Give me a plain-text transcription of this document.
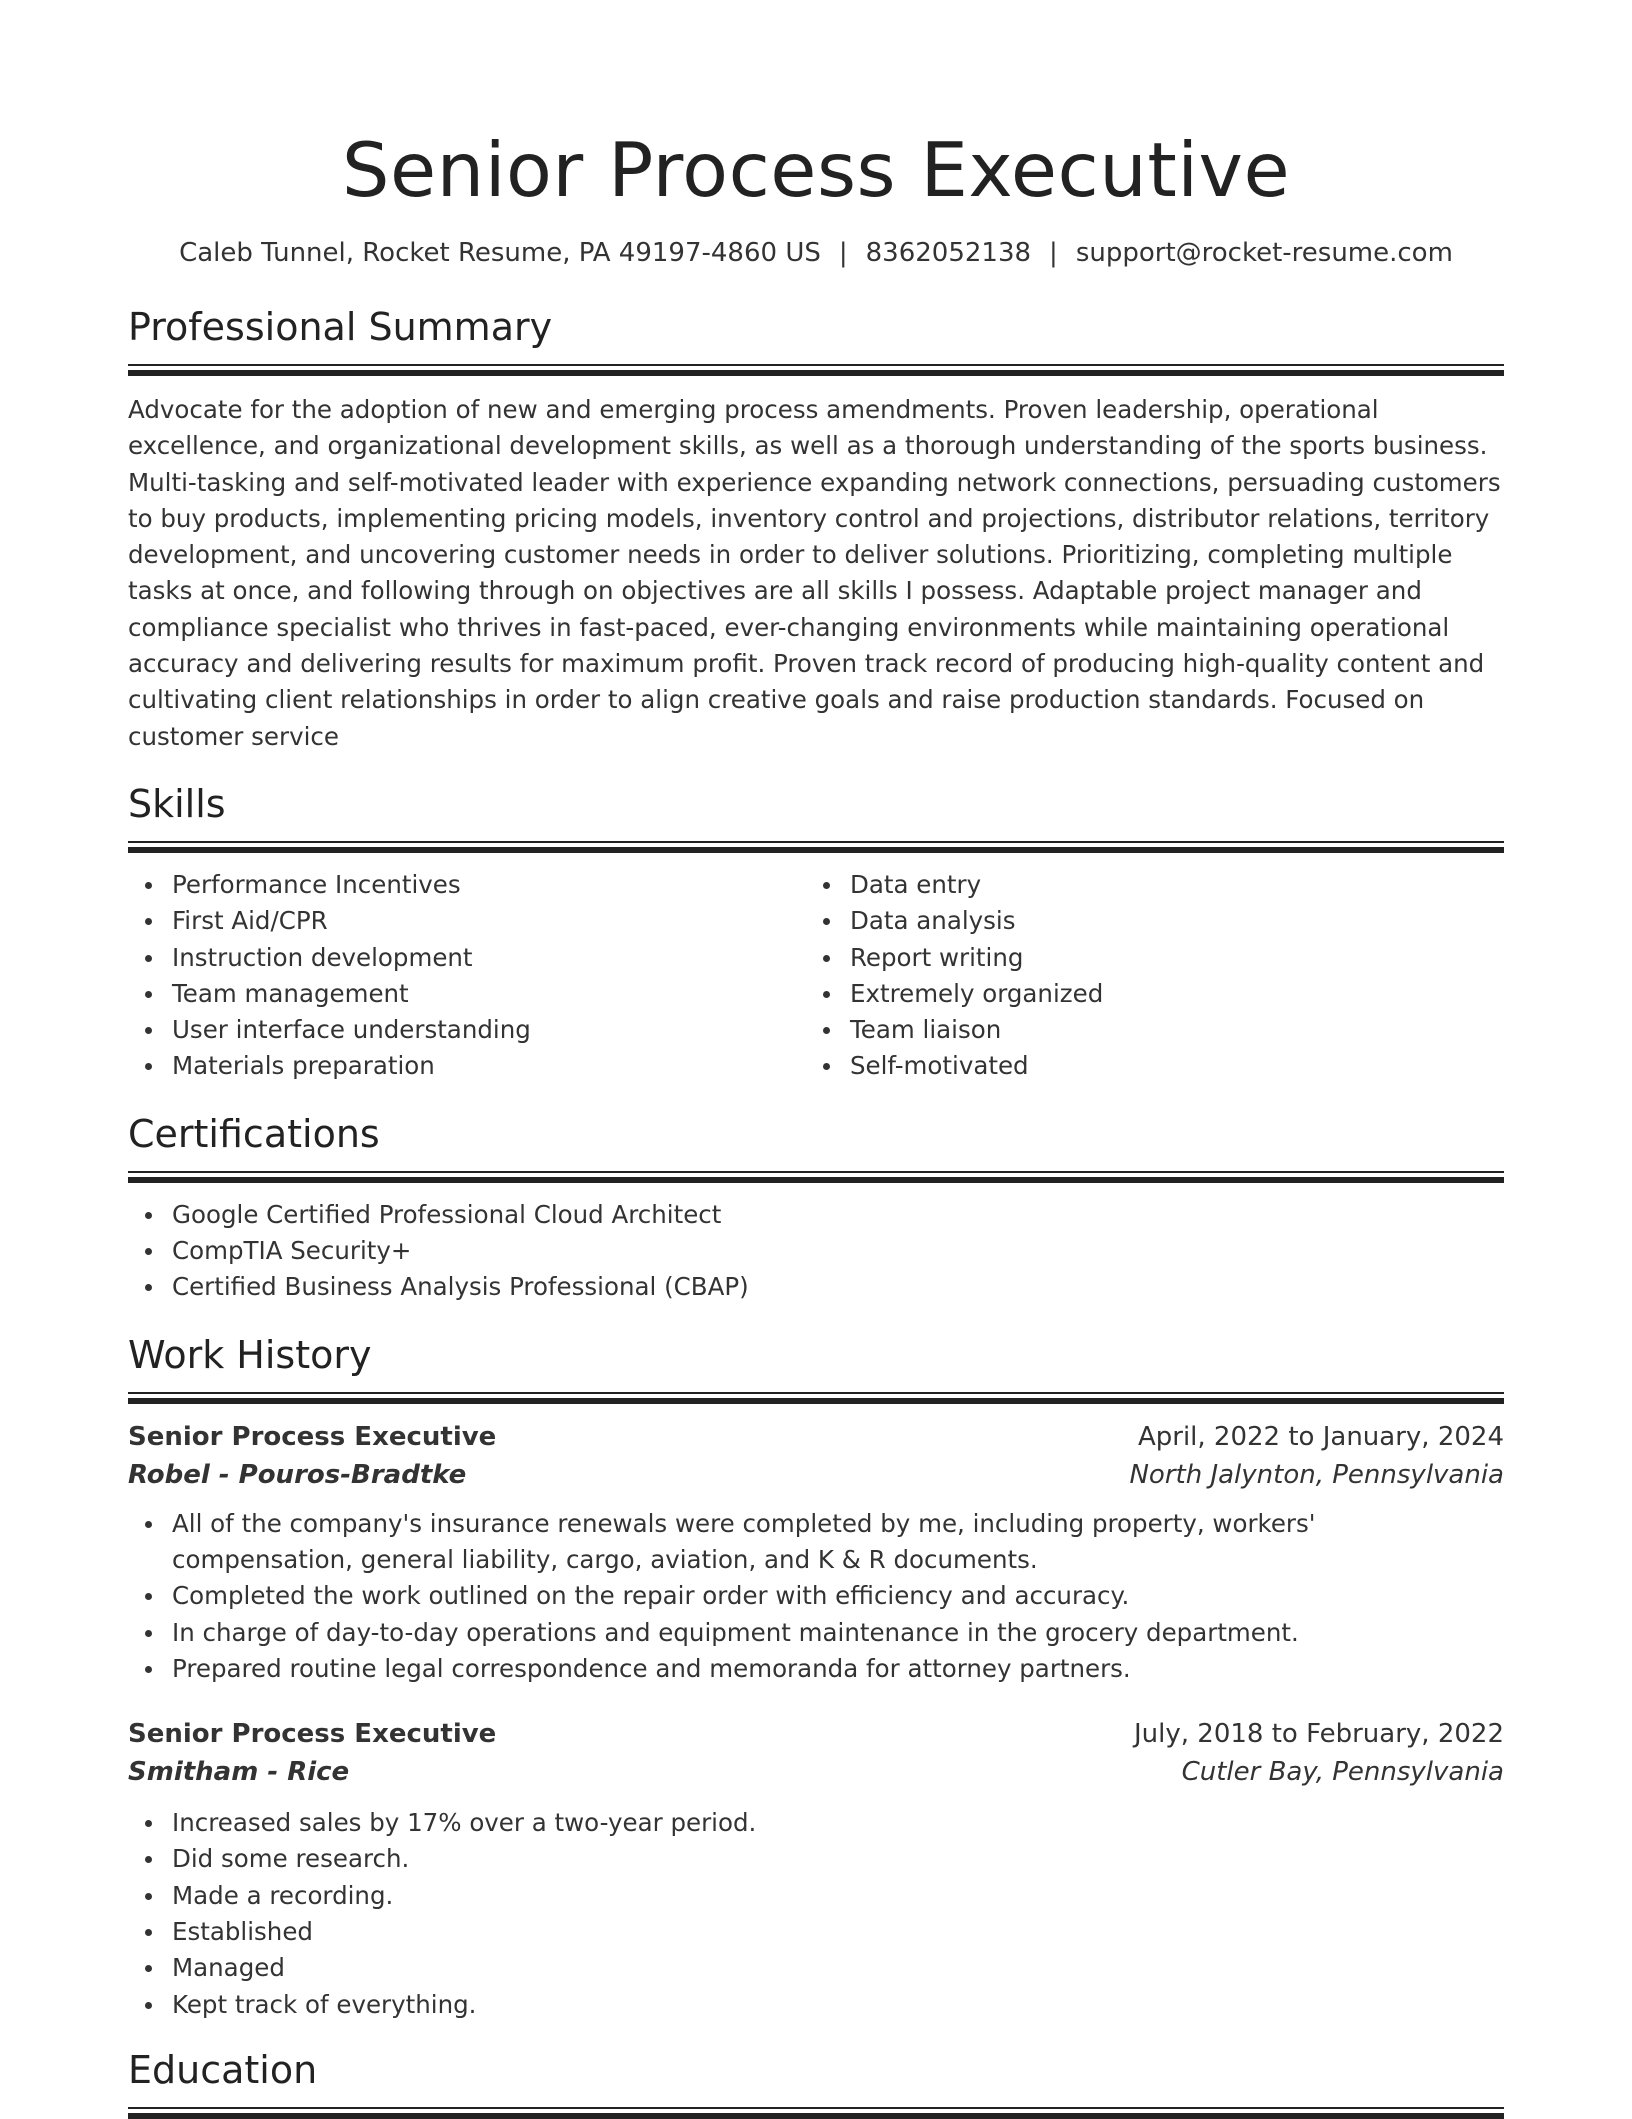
Senior Process Executive
Caleb Tunnel, Rocket Resume, PA 49197-4860 US | 8362052138 | support@rocket-resume.com
Professional Summary

Advocate for the adoption of new and emerging process amendments. Proven leadership, operational excellence, and organizational development skills, as well as a thorough understanding of the sports business. Multi-tasking and self-motivated leader with experience expanding network connections, persuading customers to buy products, implementing pricing models, inventory control and projections, distributor relations, territory development, and uncovering customer needs in order to deliver solutions. Prioritizing, completing multiple tasks at once, and following through on objectives are all skills I possess. Adaptable project manager and compliance specialist who thrives in fast-paced, ever-changing environments while maintaining operational accuracy and delivering results for maximum profit. Proven track record of producing high-quality content and cultivating client relationships in order to align creative goals and raise production standards. Focused on customer service

Skills
Performance Incentives
First Aid/CPR
Instruction development
Team management
User interface understanding
Materials preparation
Data entry
Data analysis
Report writing
Extremely organized
Team liaison
Self-motivated
Certifications
Google Certified Professional Cloud Architect
CompTIA Security+
Certified Business Analysis Professional (CBAP)
Work History
Senior Process Executive	April, 2022 to January, 2024
Robel - Pouros-Bradtke	North Jalynton, Pennsylvania
All of the company's insurance renewals were completed by me, including property, workers' compensation, general liability, cargo, aviation, and K & R documents.
Completed the work outlined on the repair order with efficiency and accuracy.
In charge of day-to-day operations and equipment maintenance in the grocery department.
Prepared routine legal correspondence and memoranda for attorney partners.
Senior Process Executive	July, 2018 to February, 2022
Smitham - Rice	Cutler Bay, Pennsylvania
Increased sales by 17% over a two-year period.
Did some research.
Made a recording.
Established
Managed
Kept track of everything.
Education
